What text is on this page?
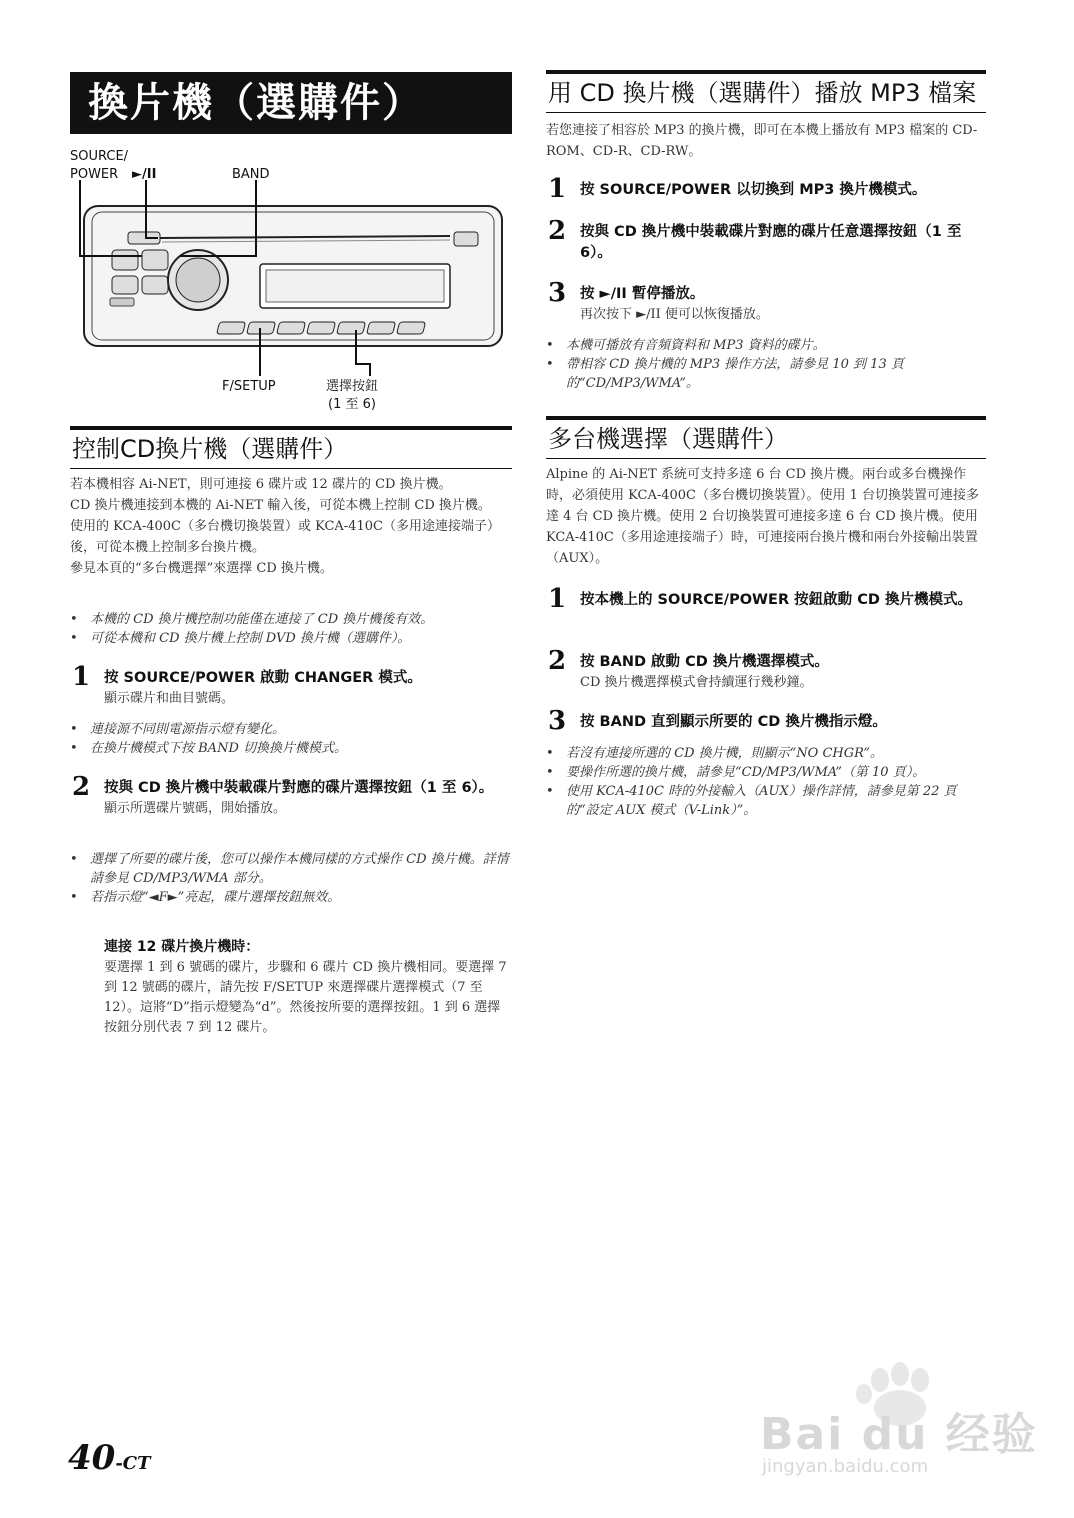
換片機（選購件）
SOURCE/
POWER	►/II	BAND
F/SETUP	選擇按鈕
(1 至 6)
控制CD換片機（選購件）
若本機相容 Ai-NET，則可連接 6 碟片或 12 碟片的 CD 換片機。
CD 換片機連接到本機的 Ai-NET 輸入後，可從本機上控制 CD 換片機。
使用的 KCA-400C（多台機切換裝置）或 KCA-410C（多用途連接端子）後，可從本機上控制多台換片機。
參見本頁的“多台機選擇”來選擇 CD 換片機。
• 本機的 CD 換片機控制功能僅在連接了 CD 換片機後有效。
• 可從本機和 CD 換片機上控制 DVD 換片機（選購件）。
1 按 SOURCE/POWER 啟動 CHANGER 模式。
顯示碟片和曲目號碼。
• 連接源不同則電源指示燈有變化。
• 在換片機模式下按 BAND 切換換片機模式。
2 按與 CD 換片機中裝載碟片對應的碟片選擇按鈕（1 至 6）。
顯示所選碟片號碼，開始播放。
• 選擇了所要的碟片後，您可以操作本機同樣的方式操作 CD 換片機。詳情請參見 CD/MP3/WMA 部分。
• 若指示燈“◄F►”亮起，碟片選擇按鈕無效。
連接 12 碟片換片機時：
要選擇 1 到 6 號碼的碟片，步驟和 6 碟片 CD 換片機相同。要選擇 7 到 12 號碼的碟片，請先按 F/SETUP 來選擇碟片選擇模式（7 至 12）。這將“D”指示燈變為“d”。然後按所要的選擇按鈕。1 到 6 選擇按鈕分別代表 7 到 12 碟片。
用 CD 換片機（選購件）播放 MP3 檔案
若您連接了相容於 MP3 的換片機，即可在本機上播放有 MP3 檔案的 CD-ROM、CD-R、CD-RW。
1 按 SOURCE/POWER 以切換到 MP3 換片機模式。
2 按與 CD 換片機中裝載碟片對應的碟片任意選擇按鈕（1 至 6）。
3 按 ►/II 暫停播放。
再次按下 ►/II 便可以恢復播放。
• 本機可播放有音頻資料和 MP3 資料的碟片。
• 帶相容 CD 換片機的 MP3 操作方法，請參見 10 到 13 頁的“CD/MP3/WMA”。
多台機選擇（選購件）
Alpine 的 Ai-NET 系統可支持多達 6 台 CD 換片機。兩台或多台機操作時，必須使用 KCA-400C（多台機切換裝置）。使用 1 台切換裝置可連接多達 4 台 CD 換片機。使用 2 台切換裝置可連接多達 6 台 CD 換片機。使用 KCA-410C（多用途連接端子）時，可連接兩台換片機和兩台外接輸出裝置（AUX）。
1 按本機上的 SOURCE/POWER 按鈕啟動 CD 換片機模式。
2 按 BAND 啟動 CD 換片機選擇模式。
CD 換片機選擇模式會持續運行幾秒鐘。
3 按 BAND 直到顯示所要的 CD 換片機指示燈。
• 若沒有連接所選的 CD 換片機，則顯示“NO CHGR”。
• 要操作所選的換片機，請參見“CD/MP3/WMA”（第 10 頁）。
• 使用 KCA-410C 時的外接輸入（AUX）操作詳情，請參見第 22 頁的“設定 AUX 模式（V-Link）”。
40-CT
Bai du 经验
jingyan.baidu.com
